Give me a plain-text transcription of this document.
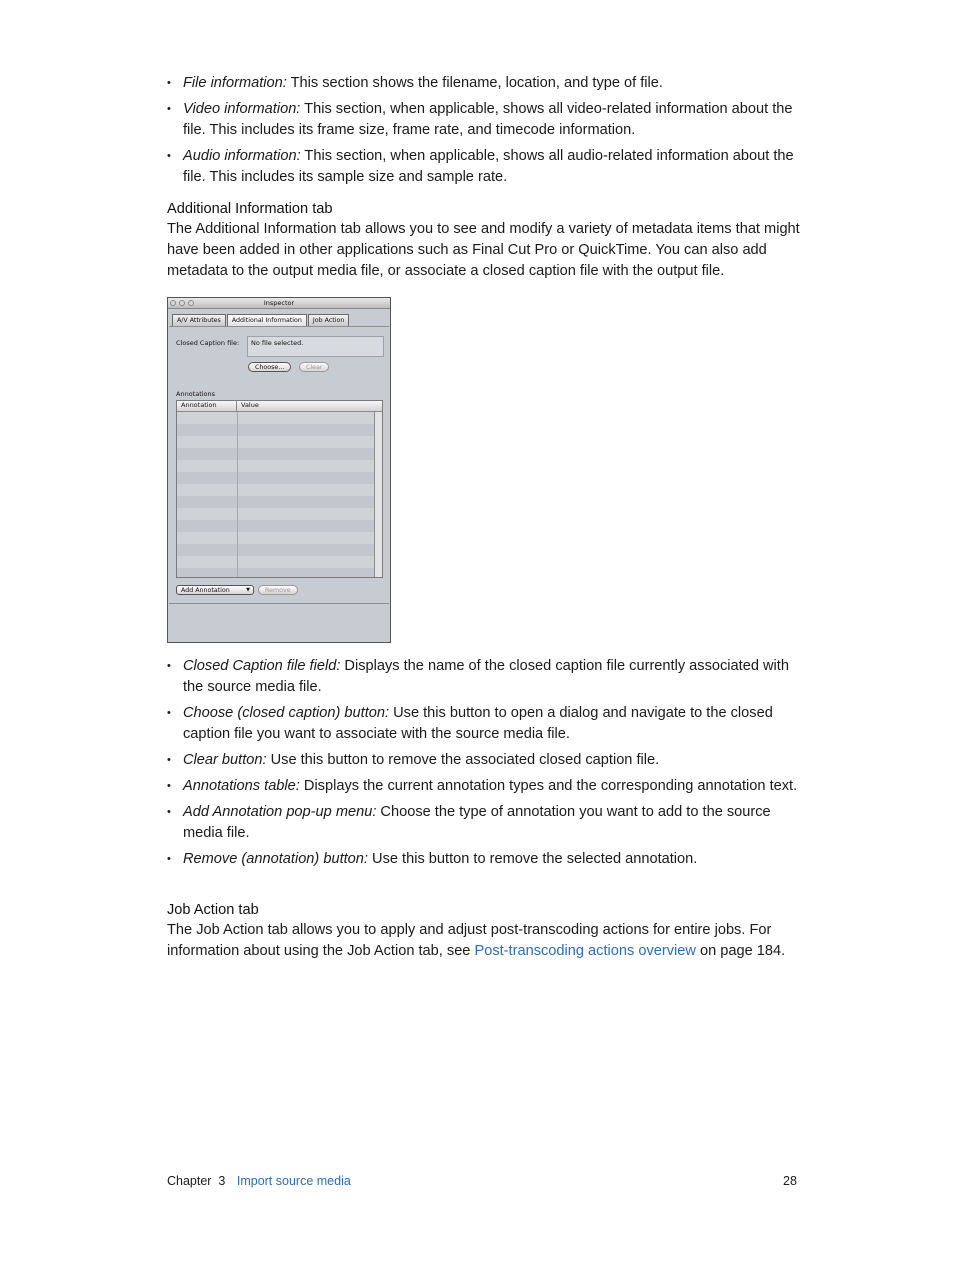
• File information: This section shows the filename, location, and type of file.
• Video information: This section, when applicable, shows all video-related information about the file. This includes its frame size, frame rate, and timecode information.
• Audio information: This section, when applicable, shows all audio-related information about the file. This includes its sample size and sample rate.
Additional Information tab

The Additional Information tab allows you to see and modify a variety of metadata items that might have been added in other applications such as Final Cut Pro or QuickTime. You can also add metadata to the output media file, or associate a closed caption file with the output file.

Inspector
A/V Attributes	Additional Information	Job Action
Closed Caption file:	No file selected.
Choose...	Clear
Annotations
Annotation	Value
Add Annotation	▼	Remove
• Closed Caption file field: Displays the name of the closed caption file currently associated with the source media file.
• Choose (closed caption) button: Use this button to open a dialog and navigate to the closed caption file you want to associate with the source media file.
• Clear button: Use this button to remove the associated closed caption file.
• Annotations table: Displays the current annotation types and the corresponding annotation text.
• Add Annotation pop-up menu: Choose the type of annotation you want to add to the source media file.
• Remove (annotation) button: Use this button to remove the selected annotation.
Job Action tab

The Job Action tab allows you to apply and adjust post-transcoding actions for entire jobs. For information about using the Job Action tab, see Post-transcoding actions overview on page 184.

Chapter  3 Import source media	28
